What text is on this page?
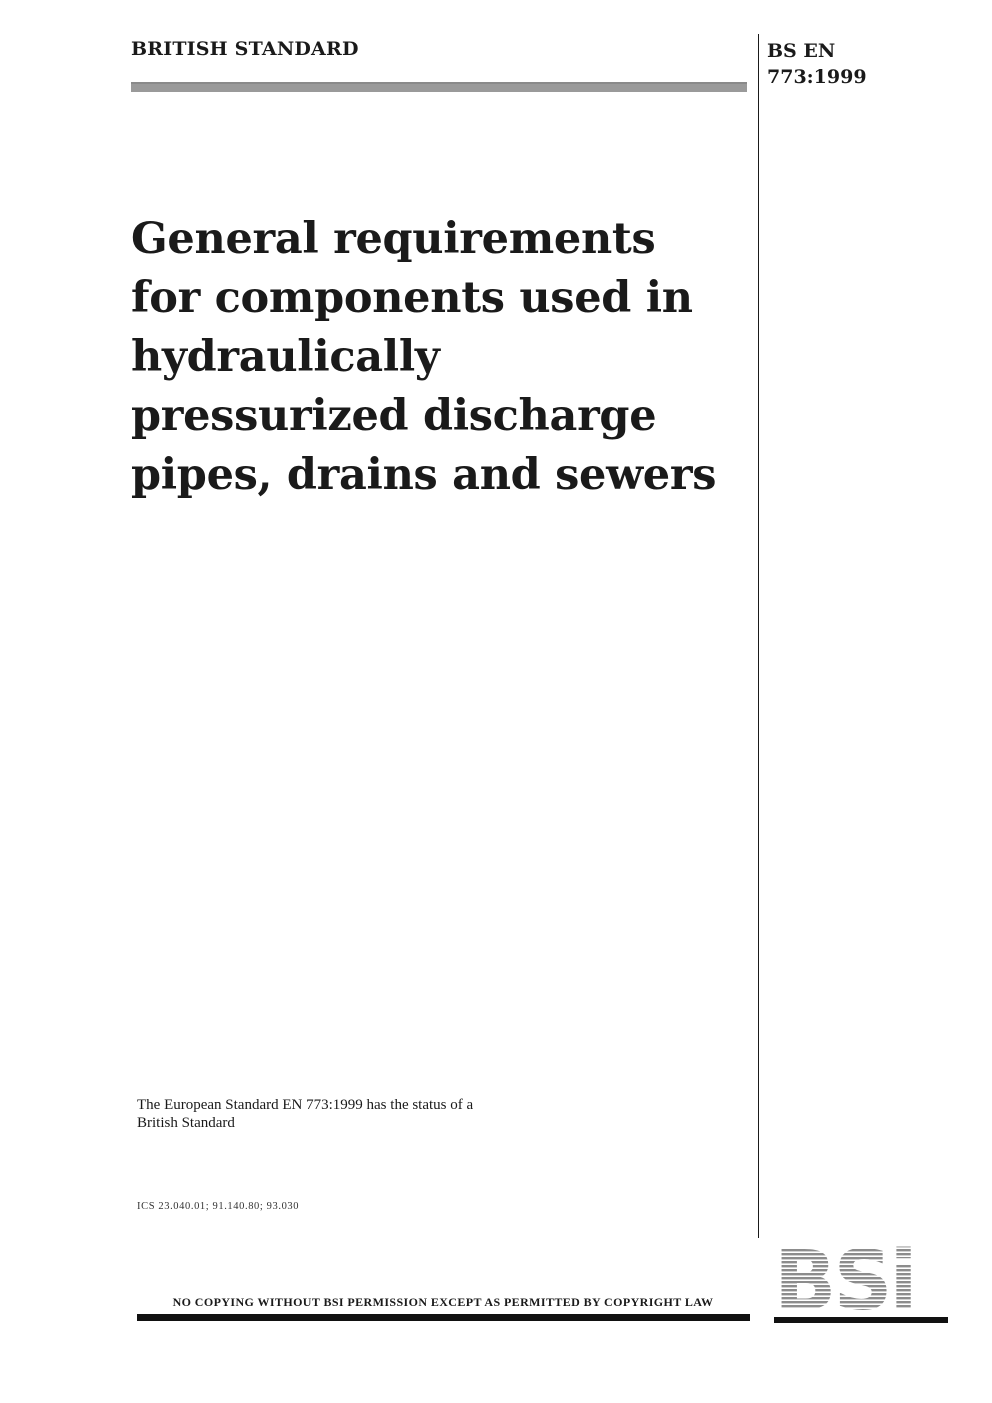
BRITISH STANDARD	BS EN
773:1999
General requirements
for components used in
hydraulically
pressurized discharge
pipes, drains and sewers
The European Standard EN 773:1999 has the status of a
British Standard
ICS 23.040.01; 91.140.80; 93.030
NO COPYING WITHOUT BSI PERMISSION EXCEPT AS PERMITTED BY COPYRIGHT LAW
